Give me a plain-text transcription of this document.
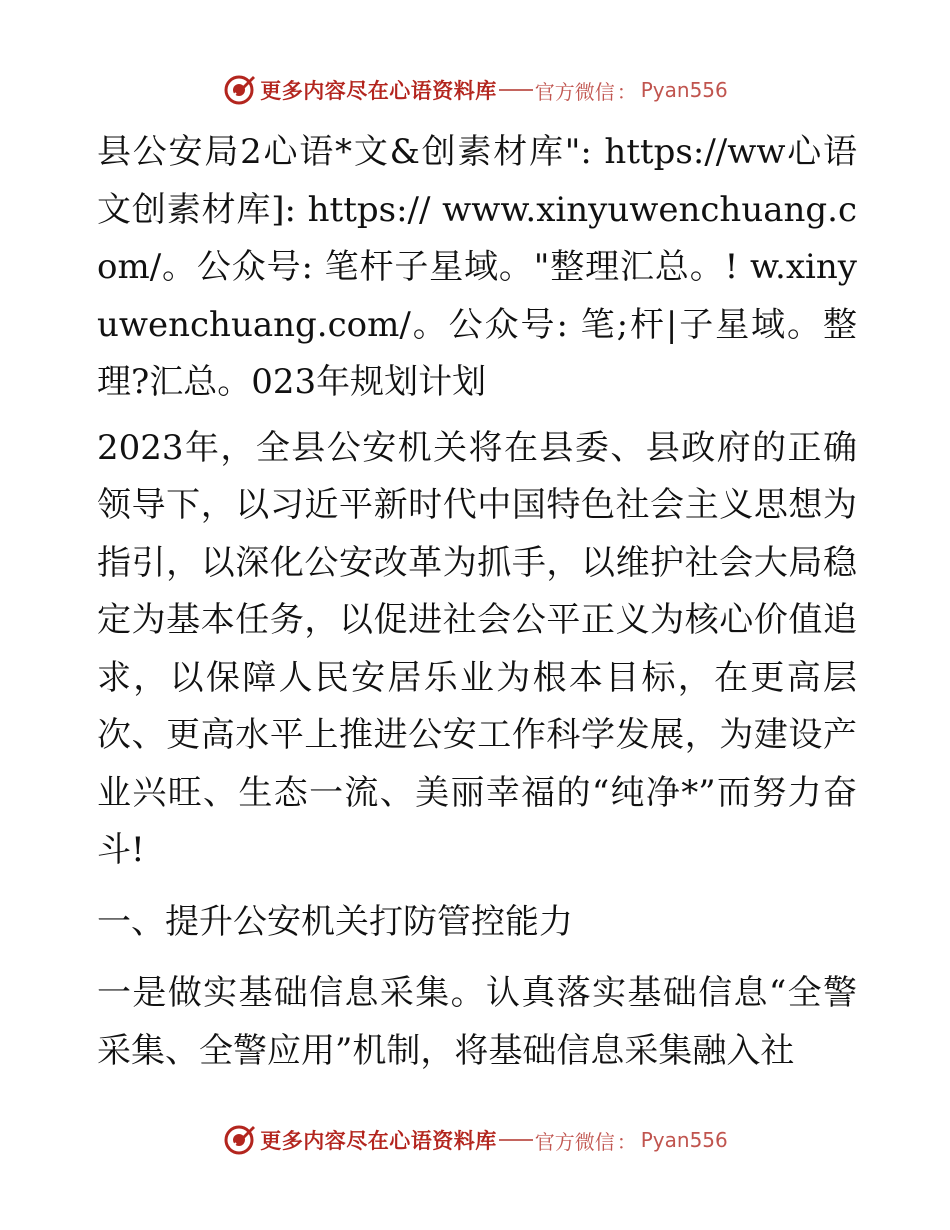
更多内容尽在心语资料库 官方微信 ： Pyan556

县公安局2心语*文&创素材库": https://ww心语文创素材库]: https:// www.xinyuwenchuang.com/。公众号: 笔杆子星域。"整理汇总。! w.xinyuwenchuang.com/。公众号: 笔;杆|子星域。整理?汇总。023年规划计划

2023年，全县公安机关将在县委、县政府的正确领导下，以习近平新时代中国特色社会主义思想为指引，以深化公安改革为抓手，以维护社会大局稳定为基本任务，以促进社会公平正义为核心价值追求，以保障人民安居乐业为根本目标，在更高层次、更高水平上推进公安工作科学发展，为建设产业兴旺、生态一流、美丽幸福的“纯净*”而努力奋斗!

一、提升公安机关打防管控能力

一是做实基础信息采集。认真落实基础信息“全警采集、全警应用”机制，将基础信息采集融入社

更多内容尽在心语资料库 官方微信 ： Pyan556
